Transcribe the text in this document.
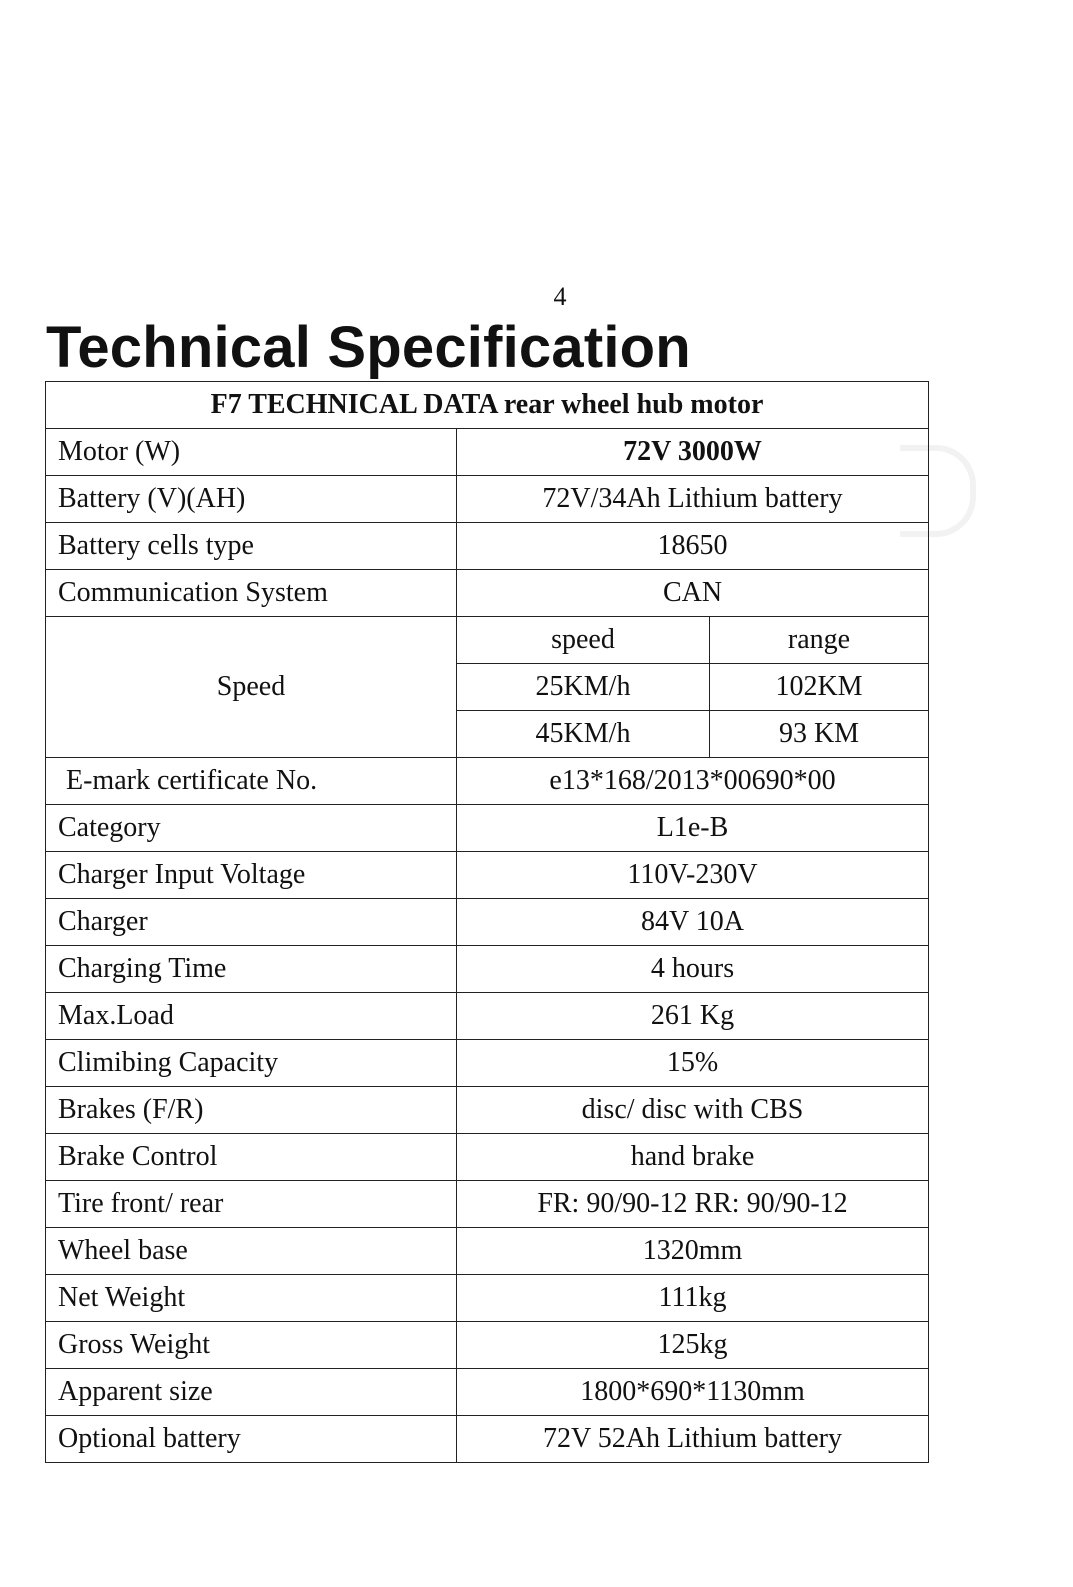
4
Technical Specification
F7 TECHNICAL DATA rear wheel hub motor		
Motor (W)	72V 3000W	
Battery (V)(AH)	72V/34Ah Lithium battery	
Battery cells type	18650	
Communication System	CAN	
Speed	speed	range
	25KM/h	102KM
	45KM/h	93 KM
E-mark certificate No.	e13*168/2013*00690*00	
Category	L1e-B	
Charger Input Voltage	110V-230V	
Charger	84V 10A	
Charging Time	4 hours	
Max.Load	261 Kg	
Climibing Capacity	15%	
Brakes (F/R)	disc/ disc with CBS	
Brake Control	hand brake	
Tire front/ rear	FR: 90/90-12 RR: 90/90-12	
Wheel base	1320mm	
Net Weight	111kg	
Gross Weight	125kg	
Apparent size	1800*690*1130mm	
Optional battery	72V 52Ah Lithium battery	
